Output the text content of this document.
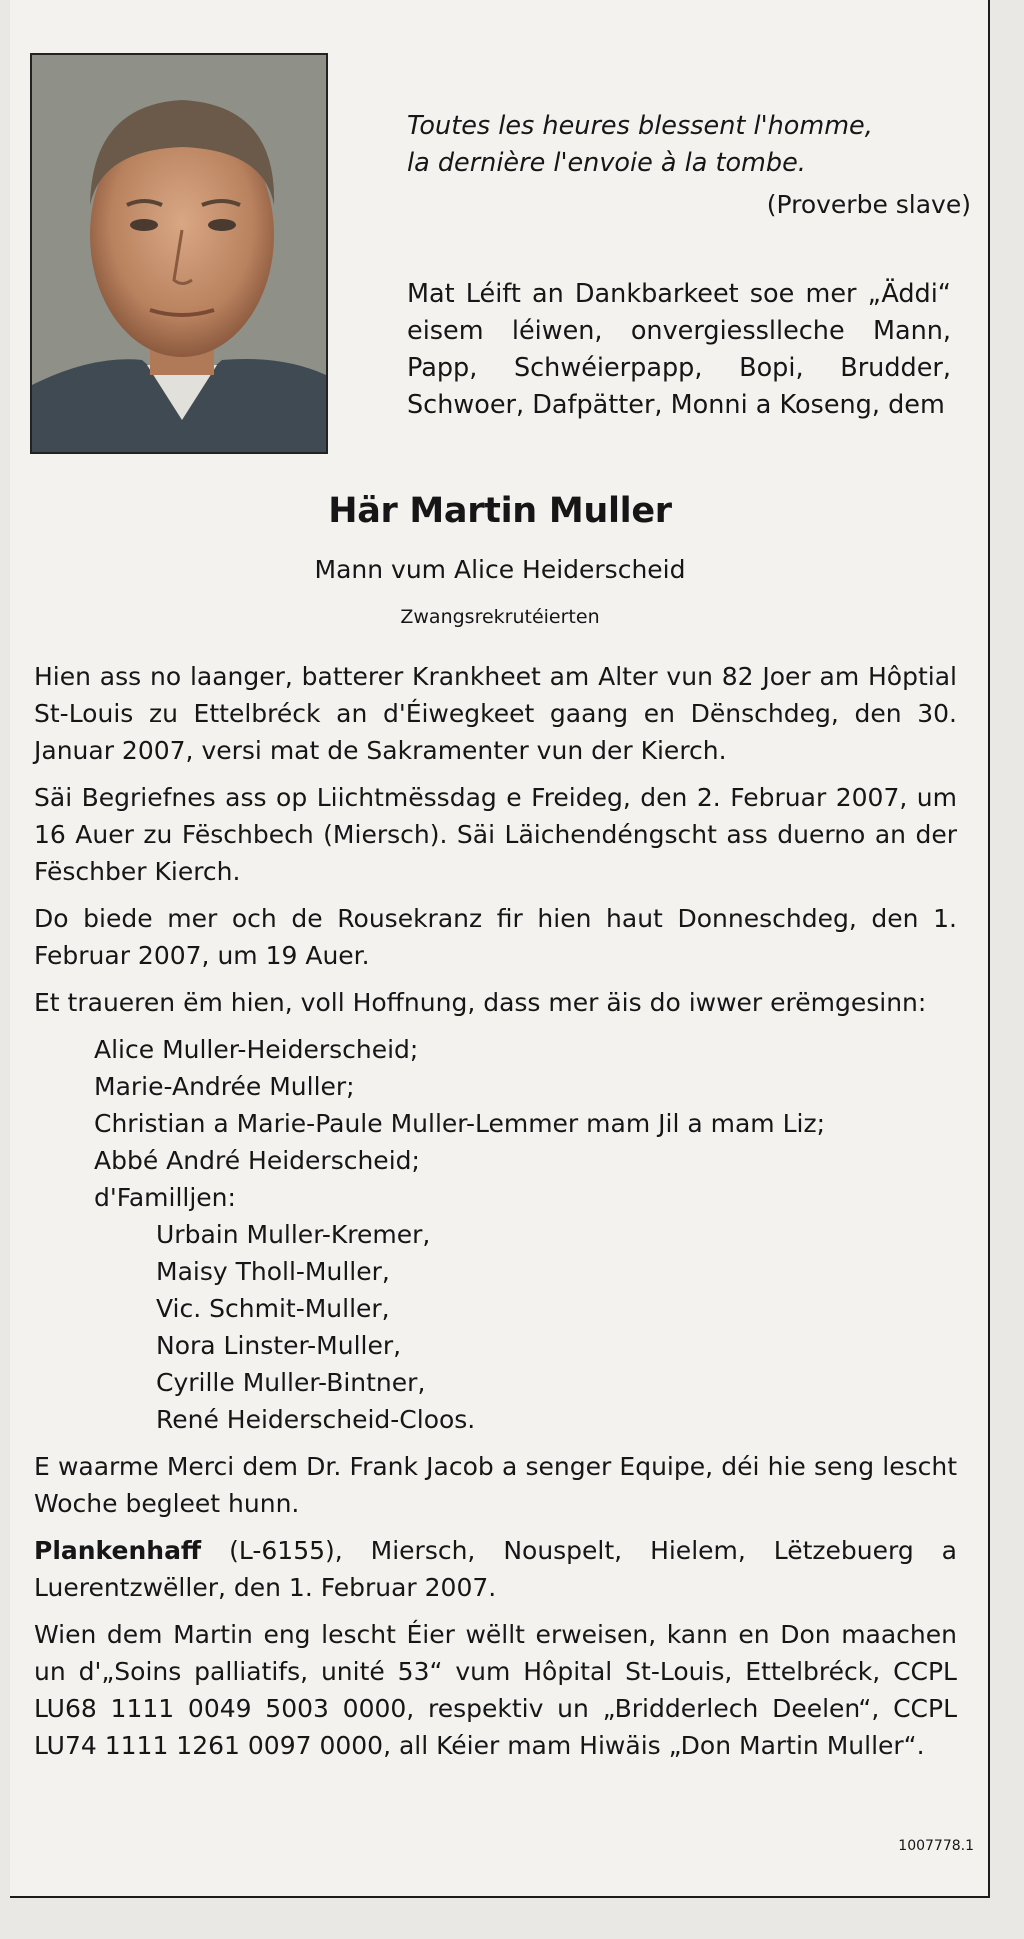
Toutes les heures blessent l'homme,
la dernière l'envoie à la tombe.
(Proverbe slave)
Mat Léift an Dankbarkeet soe mer „Äddi“ eisem léiwen, onvergiesslleche Mann, Papp, Schwéierpapp, Bopi, Brudder, Schwoer, Dafpätter, Monni a Koseng, dem
Här Martin Muller
Mann vum Alice Heiderscheid
Zwangsrekrutéierten

Hien ass no laanger, batterer Krankheet am Alter vun 82 Joer am Hôptial St-Louis zu Ettelbréck an d'Éiwegkeet gaang en Dënschdeg, den 30. Januar 2007, versi mat de Sakramenter vun der Kierch.

Säi Begriefnes ass op Liichtmëssdag e Freideg, den 2. Februar 2007, um 16 Auer zu Fëschbech (Miersch). Säi Läichendéngscht ass duerno an der Fëschber Kierch.

Do biede mer och de Rousekranz fir hien haut Donneschdeg, den 1. Februar 2007, um 19 Auer.

Et traueren ëm hien, voll Hoffnung, dass mer äis do iwwer erëmgesinn:

Alice Muller-Heiderscheid;
Marie-Andrée Muller;
Christian a Marie-Paule Muller-Lemmer mam Jil a mam Liz;
Abbé André Heiderscheid;
d'Familljen:
Urbain Muller-Kremer,
Maisy Tholl-Muller,
Vic. Schmit-Muller,
Nora Linster-Muller,
Cyrille Muller-Bintner,
René Heiderscheid-Cloos.

E waarme Merci dem Dr. Frank Jacob a senger Equipe, déi hie seng lescht Woche begleet hunn.

Plankenhaff (L-6155), Miersch, Nouspelt, Hielem, Lëtzebuerg a Luerentzwëller, den 1. Februar 2007.

Wien dem Martin eng lescht Éier wëllt erweisen, kann en Don maachen un d'„Soins palliatifs, unité 53“ vum Hôpital St-Louis, Ettelbréck, CCPL LU68 1111 0049 5003 0000, respektiv un „Bridderlech Deelen“, CCPL LU74 1111 1261 0097 0000, all Kéier mam Hiwäis „Don Martin Muller“.

1007778.1
